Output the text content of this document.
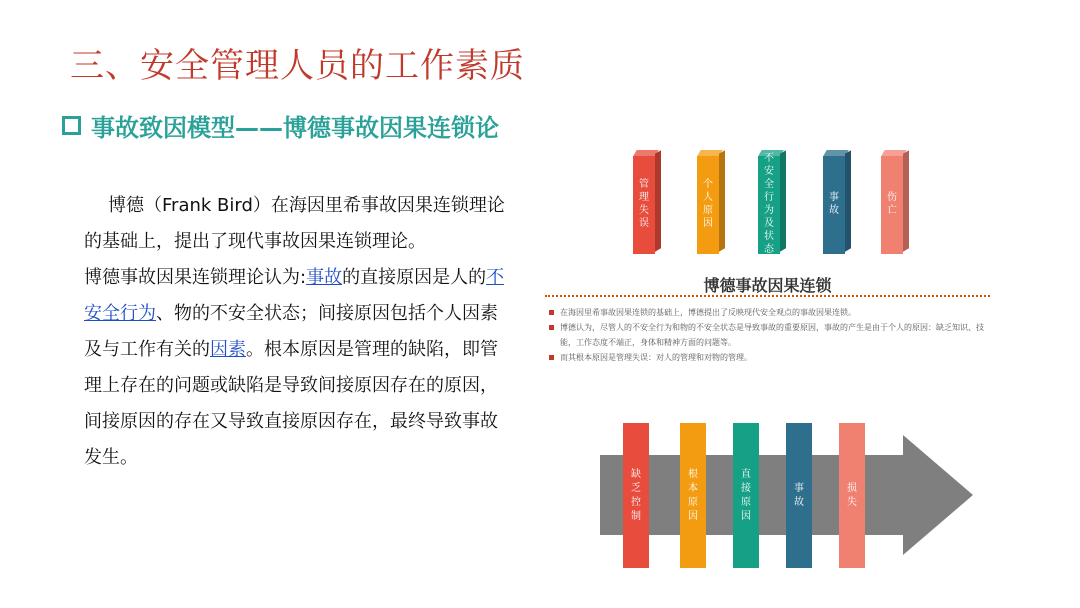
三、安全管理人员的工作素质
事故致因模型——博德事故因果连锁论
博德（Frank Bird）在海因里希事故因果连锁理论的基础上，提出了现代事故因果连锁理论。
博德事故因果连锁理论认为:事故的直接原因是人的不安全行为、物的不安全状态；间接原因包括个人因素及与工作有关的因素。根本原因是管理的缺陷，即管理上存在的问题或缺陷是导致间接原因存在的原因，间接原因的存在又导致直接原因存在，最终导致事故发生。
管理失误
个人原因
不安全行为及状态
事故
伤亡
博德事故因果连锁
在海因里希事故因果连锁的基础上，博德提出了反映现代安全观点的事故因果连锁。
博德认为，尽管人的不安全行为和物的不安全状态是导致事故的重要原因，事故的产生是由于个人的原因：缺乏知识、技能，工作态度不端正，身体和精神方面的问题等。
而其根本原因是管理失误：对人的管理和对物的管理。
缺乏控制
根本原因
直接原因
事故
损失
